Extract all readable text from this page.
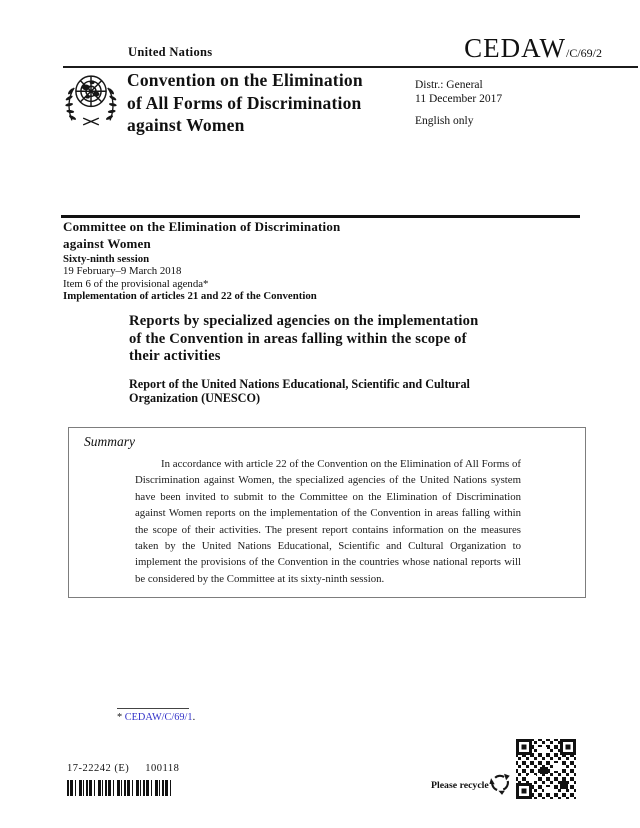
United Nations	CEDAW /C/69/2
Convention on the Elimination
of All Forms of Discrimination
against Women
Distr.: General
11 December 2017
English only
Committee on the Elimination of Discrimination
against Women
Sixty-ninth session
19 February–9 March 2018
Item 6 of the provisional agenda*
Implementation of articles 21 and 22 of the Convention
Reports by specialized agencies on the implementation
of the Convention in areas falling within the scope of
their activities
Report of the United Nations Educational, Scientific and Cultural
Organization (UNESCO)
Summary
In accordance with article 22 of the Convention on the Elimination of All Forms of Discrimination against Women, the specialized agencies of the United Nations system have been invited to submit to the Committee on the Elimination of Discrimination against Women reports on the implementation of the Convention in areas falling within the scope of their activities. The present report contains information on the measures taken by the United Nations Educational, Scientific and Cultural Organization to implement the provisions of the Convention in the countries whose national reports will be considered by the Committee at its sixty-ninth session.
* CEDAW/C/69/1.
17-22242 (E) 100118
Please recycle
